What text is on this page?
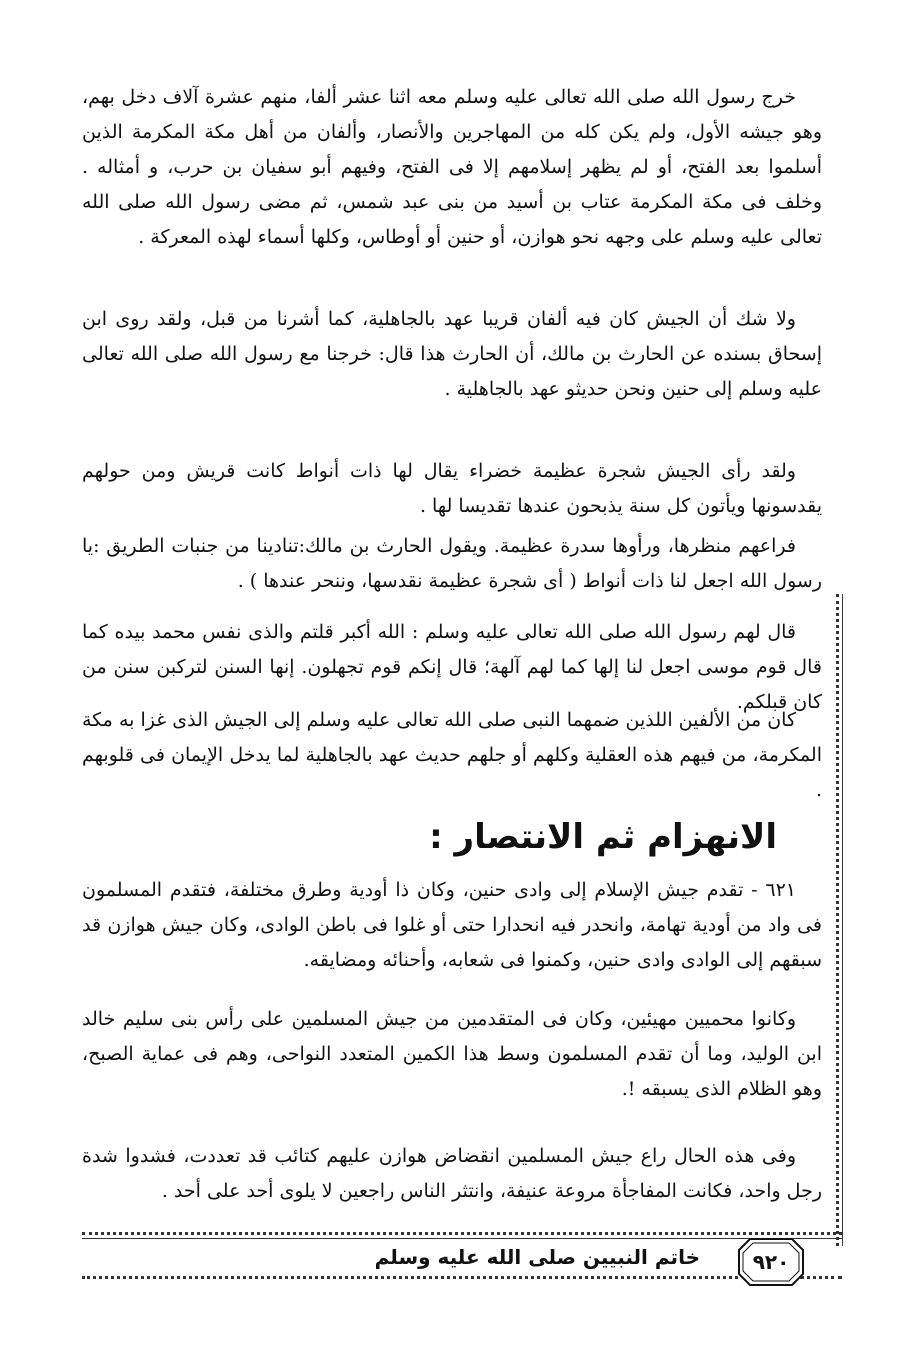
خرج رسول الله صلى الله تعالى عليه وسلم معه اثنا عشر ألفا، منهم عشرة آلاف دخل بهم، وهو جيشه الأول، ولم يكن كله من المهاجرين والأنصار، وألفان من أهل مكة المكرمة الذين أسلموا بعد الفتح، أو لم يظهر إسلامهم إلا فى الفتح، وفيهم أبو سفيان بن حرب، و أمثاله . وخلف فى مكة المكرمة عتاب بن أسيد من بنى عبد شمس، ثم مضى رسول الله صلى الله تعالى عليه وسلم على وجهه نحو هوازن، أو حنين أو أوطاس، وكلها أسماء لهذه المعركة .

ولا شك أن الجيش كان فيه ألفان قريبا عهد بالجاهلية، كما أشرنا من قبل، ولقد روى ابن إسحاق بسنده عن الحارث بن مالك، أن الحارث هذا قال: خرجنا مع رسول الله صلى الله تعالى عليه وسلم إلى حنين ونحن حديثو عهد بالجاهلية .

ولقد رأى الجيش شجرة عظيمة خضراء يقال لها ذات أنواط كانت قريش ومن حولهم يقدسونها ويأتون كل سنة يذبحون عندها تقديسا لها .

فراعهم منظرها، ورأوها سدرة عظيمة. ويقول الحارث بن مالك:تنادينا من جنبات الطريق :يا رسول الله اجعل لنا ذات أنواط ( أى شجرة عظيمة نقدسها، وننحر عندها ) .

قال لهم رسول الله صلى الله تعالى عليه وسلم : الله أكبر قلتم والذى نفس محمد بيده كما قال قوم موسى اجعل لنا إلها كما لهم آلهة؛ قال إنكم قوم تجهلون. إنها السنن لتركبن سنن من كان قبلكم.

كان من الألفين اللذين ضمهما النبى صلى الله تعالى عليه وسلم إلى الجيش الذى غزا به مكة المكرمة، من فيهم هذه العقلية وكلهم أو جلهم حديث عهد بالجاهلية لما يدخل الإيمان فى قلوبهم .

الانهزام ثم الانتصار :

٦٢١ - تقدم جيش الإسلام إلى وادى حنين، وكان ذا أودية وطرق مختلفة، فتقدم المسلمون فى واد من أودية تهامة، وانحدر فيه انحدارا حتى أو غلوا فى باطن الوادى، وكان جيش هوازن قد سبقهم إلى الوادى وادى حنين، وكمنوا فى شعابه، وأحنائه ومضايقه.

وكانوا محميين مهيئين، وكان فى المتقدمين من جيش المسلمين على رأس بنى سليم خالد ابن الوليد، وما أن تقدم المسلمون وسط هذا الكمين المتعدد النواحى، وهم فى عماية الصبح، وهو الظلام الذى يسبقه !.

وفى هذه الحال راع جيش المسلمين انقضاض هوازن عليهم كتائب قد تعددت، فشدوا شدة رجل واحد، فكانت المفاجأة مروعة عنيفة، وانتثر الناس راجعين لا يلوى أحد على أحد .

خاتم النبيين صلى الله عليه وسلم	٩٢٠
